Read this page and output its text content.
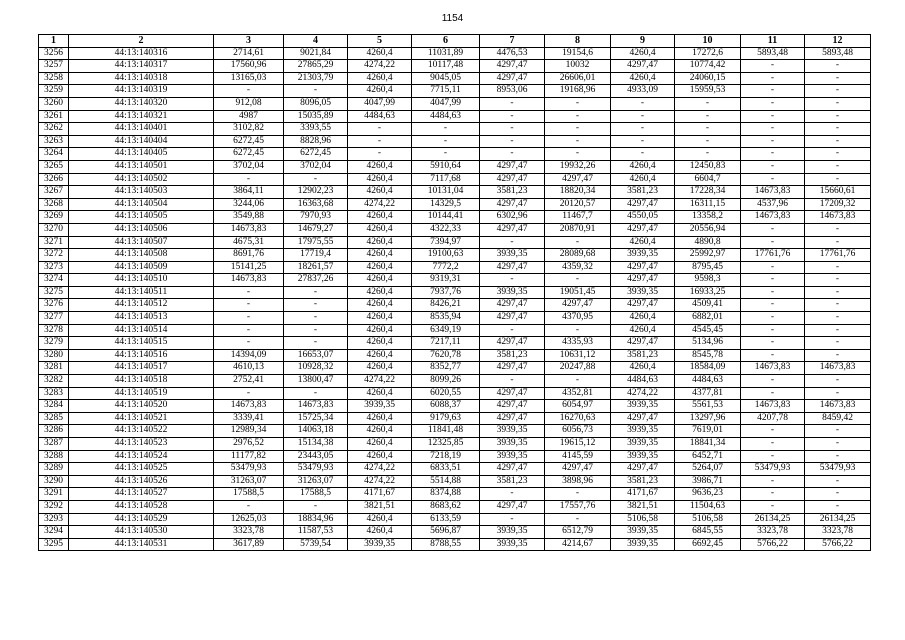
1154
1	2	3	4	5	6	7	8	9	10	11	12
3256	44:13:140316	2714,61	9021,84	4260,4	11031,89	4476,53	19154,6	4260,4	17272,6	5893,48	5893,48
3257	44:13:140317	17560,96	27865,29	4274,22	10117,48	4297,47	10032	4297,47	10774,42	-	-
3258	44:13:140318	13165,03	21303,79	4260,4	9045,05	4297,47	26606,01	4260,4	24060,15	-	-
3259	44:13:140319	-	-	4260,4	7715,11	8953,06	19168,96	4933,09	15959,53	-	-
3260	44:13:140320	912,08	8096,05	4047,99	4047,99	-	-	-	-	-	-
3261	44:13:140321	4987	15035,89	4484,63	4484,63	-	-	-	-	-	-
3262	44:13:140401	3102,82	3393,55	-	-	-	-	-	-	-	-
3263	44:13:140404	6272,45	8828,96	-	-	-	-	-	-	-	-
3264	44:13:140405	6272,45	6272,45	-	-	-	-	-	-	-	-
3265	44:13:140501	3702,04	3702,04	4260,4	5910,64	4297,47	19932,26	4260,4	12450,83	-	-
3266	44:13:140502	-	-	4260,4	7117,68	4297,47	4297,47	4260,4	6604,7	-	-
3267	44:13:140503	3864,11	12902,23	4260,4	10131,04	3581,23	18820,34	3581,23	17228,34	14673,83	15660,61
3268	44:13:140504	3244,06	16363,68	4274,22	14329,5	4297,47	20120,57	4297,47	16311,15	4537,96	17209,32
3269	44:13:140505	3549,88	7970,93	4260,4	10144,41	6302,96	11467,7	4550,05	13358,2	14673,83	14673,83
3270	44:13:140506	14673,83	14679,27	4260,4	4322,33	4297,47	20870,91	4297,47	20556,94	-	-
3271	44:13:140507	4675,31	17975,55	4260,4	7394,97	-	-	4260,4	4890,8	-	-
3272	44:13:140508	8691,76	17719,4	4260,4	19100,63	3939,35	28089,68	3939,35	25992,97	17761,76	17761,76
3273	44:13:140509	15141,25	18261,57	4260,4	7772,2	4297,47	4359,32	4297,47	8795,45	-	-
3274	44:13:140510	14673,83	27837,26	4260,4	9319,31	-	-	4297,47	9598,3	-	-
3275	44:13:140511	-	-	4260,4	7937,76	3939,35	19051,45	3939,35	16933,25	-	-
3276	44:13:140512	-	-	4260,4	8426,21	4297,47	4297,47	4297,47	4509,41	-	-
3277	44:13:140513	-	-	4260,4	8535,94	4297,47	4370,95	4260,4	6882,01	-	-
3278	44:13:140514	-	-	4260,4	6349,19	-	-	4260,4	4545,45	-	-
3279	44:13:140515	-	-	4260,4	7217,11	4297,47	4335,93	4297,47	5134,96	-	-
3280	44:13:140516	14394,09	16653,07	4260,4	7620,78	3581,23	10631,12	3581,23	8545,78	-	-
3281	44:13:140517	4610,13	10928,32	4260,4	8352,77	4297,47	20247,88	4260,4	18584,09	14673,83	14673,83
3282	44:13:140518	2752,41	13800,47	4274,22	8099,26	-	-	4484,63	4484,63	-	-
3283	44:13:140519	-	-	4260,4	6020,55	4297,47	4352,81	4274,22	4377,81	-	-
3284	44:13:140520	14673,83	14673,83	3939,35	6088,37	4297,47	6054,97	3939,35	5561,53	14673,83	14673,83
3285	44:13:140521	3339,41	15725,34	4260,4	9179,63	4297,47	16270,63	4297,47	13297,96	4207,78	8459,42
3286	44:13:140522	12989,34	14063,18	4260,4	11841,48	3939,35	6056,73	3939,35	7619,01	-	-
3287	44:13:140523	2976,52	15134,38	4260,4	12325,85	3939,35	19615,12	3939,35	18841,34	-	-
3288	44:13:140524	11177,82	23443,05	4260,4	7218,19	3939,35	4145,59	3939,35	6452,71	-	-
3289	44:13:140525	53479,93	53479,93	4274,22	6833,51	4297,47	4297,47	4297,47	5264,07	53479,93	53479,93
3290	44:13:140526	31263,07	31263,07	4274,22	5514,88	3581,23	3898,96	3581,23	3986,71	-	-
3291	44:13:140527	17588,5	17588,5	4171,67	8374,88	-	-	4171,67	9636,23	-	-
3292	44:13:140528	-	-	3821,51	8683,62	4297,47	17557,76	3821,51	11504,63	-	-
3293	44:13:140529	12625,03	18834,96	4260,4	6133,59	-	-	5106,58	5106,58	26134,25	26134,25
3294	44:13:140530	3323,78	11587,53	4260,4	5696,87	3939,35	6512,79	3939,35	6845,55	3323,78	3323,78
3295	44:13:140531	3617,89	5739,54	3939,35	8788,55	3939,35	4214,67	3939,35	6692,45	5766,22	5766,22
